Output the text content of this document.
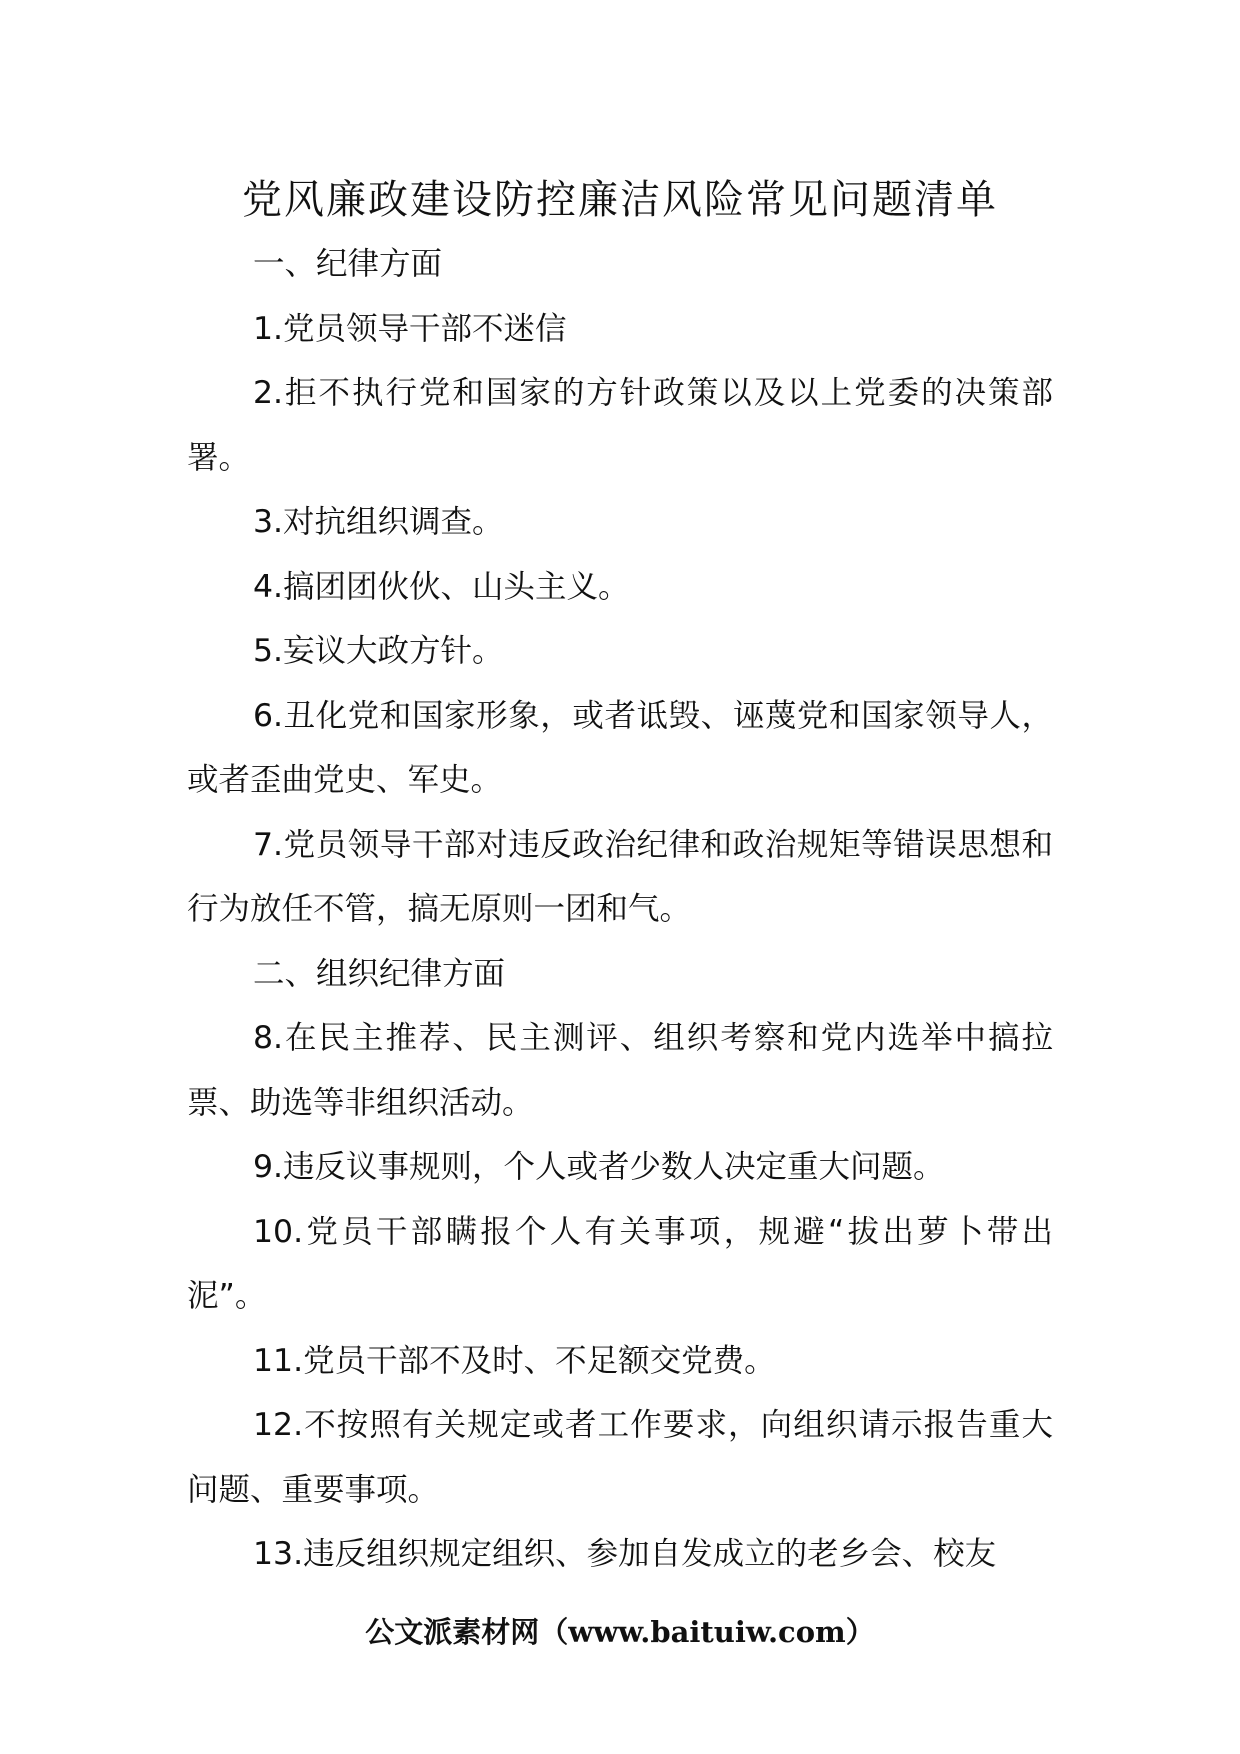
党风廉政建设防控廉洁风险常见问题清单

一、纪律方面

1.党员领导干部不迷信

2.拒不执行党和国家的方针政策以及以上党委的决策部署。

3.对抗组织调查。

4.搞团团伙伙、山头主义。

5.妄议大政方针。

6.丑化党和国家形象，或者诋毁、诬蔑党和国家领导人，或者歪曲党史、军史。

7.党员领导干部对违反政治纪律和政治规矩等错误思想和行为放任不管，搞无原则一团和气。

二、组织纪律方面

8.在民主推荐、民主测评、组织考察和党内选举中搞拉票、助选等非组织活动。

9.违反议事规则，个人或者少数人决定重大问题。

10.党员干部瞒报个人有关事项，规避“拔出萝卜带出泥”。

11.党员干部不及时、不足额交党费。

12.不按照有关规定或者工作要求，向组织请示报告重大问题、重要事项。

13.违反组织规定组织、参加自发成立的老乡会、校友

公文派素材网（www.baituiw.com）
